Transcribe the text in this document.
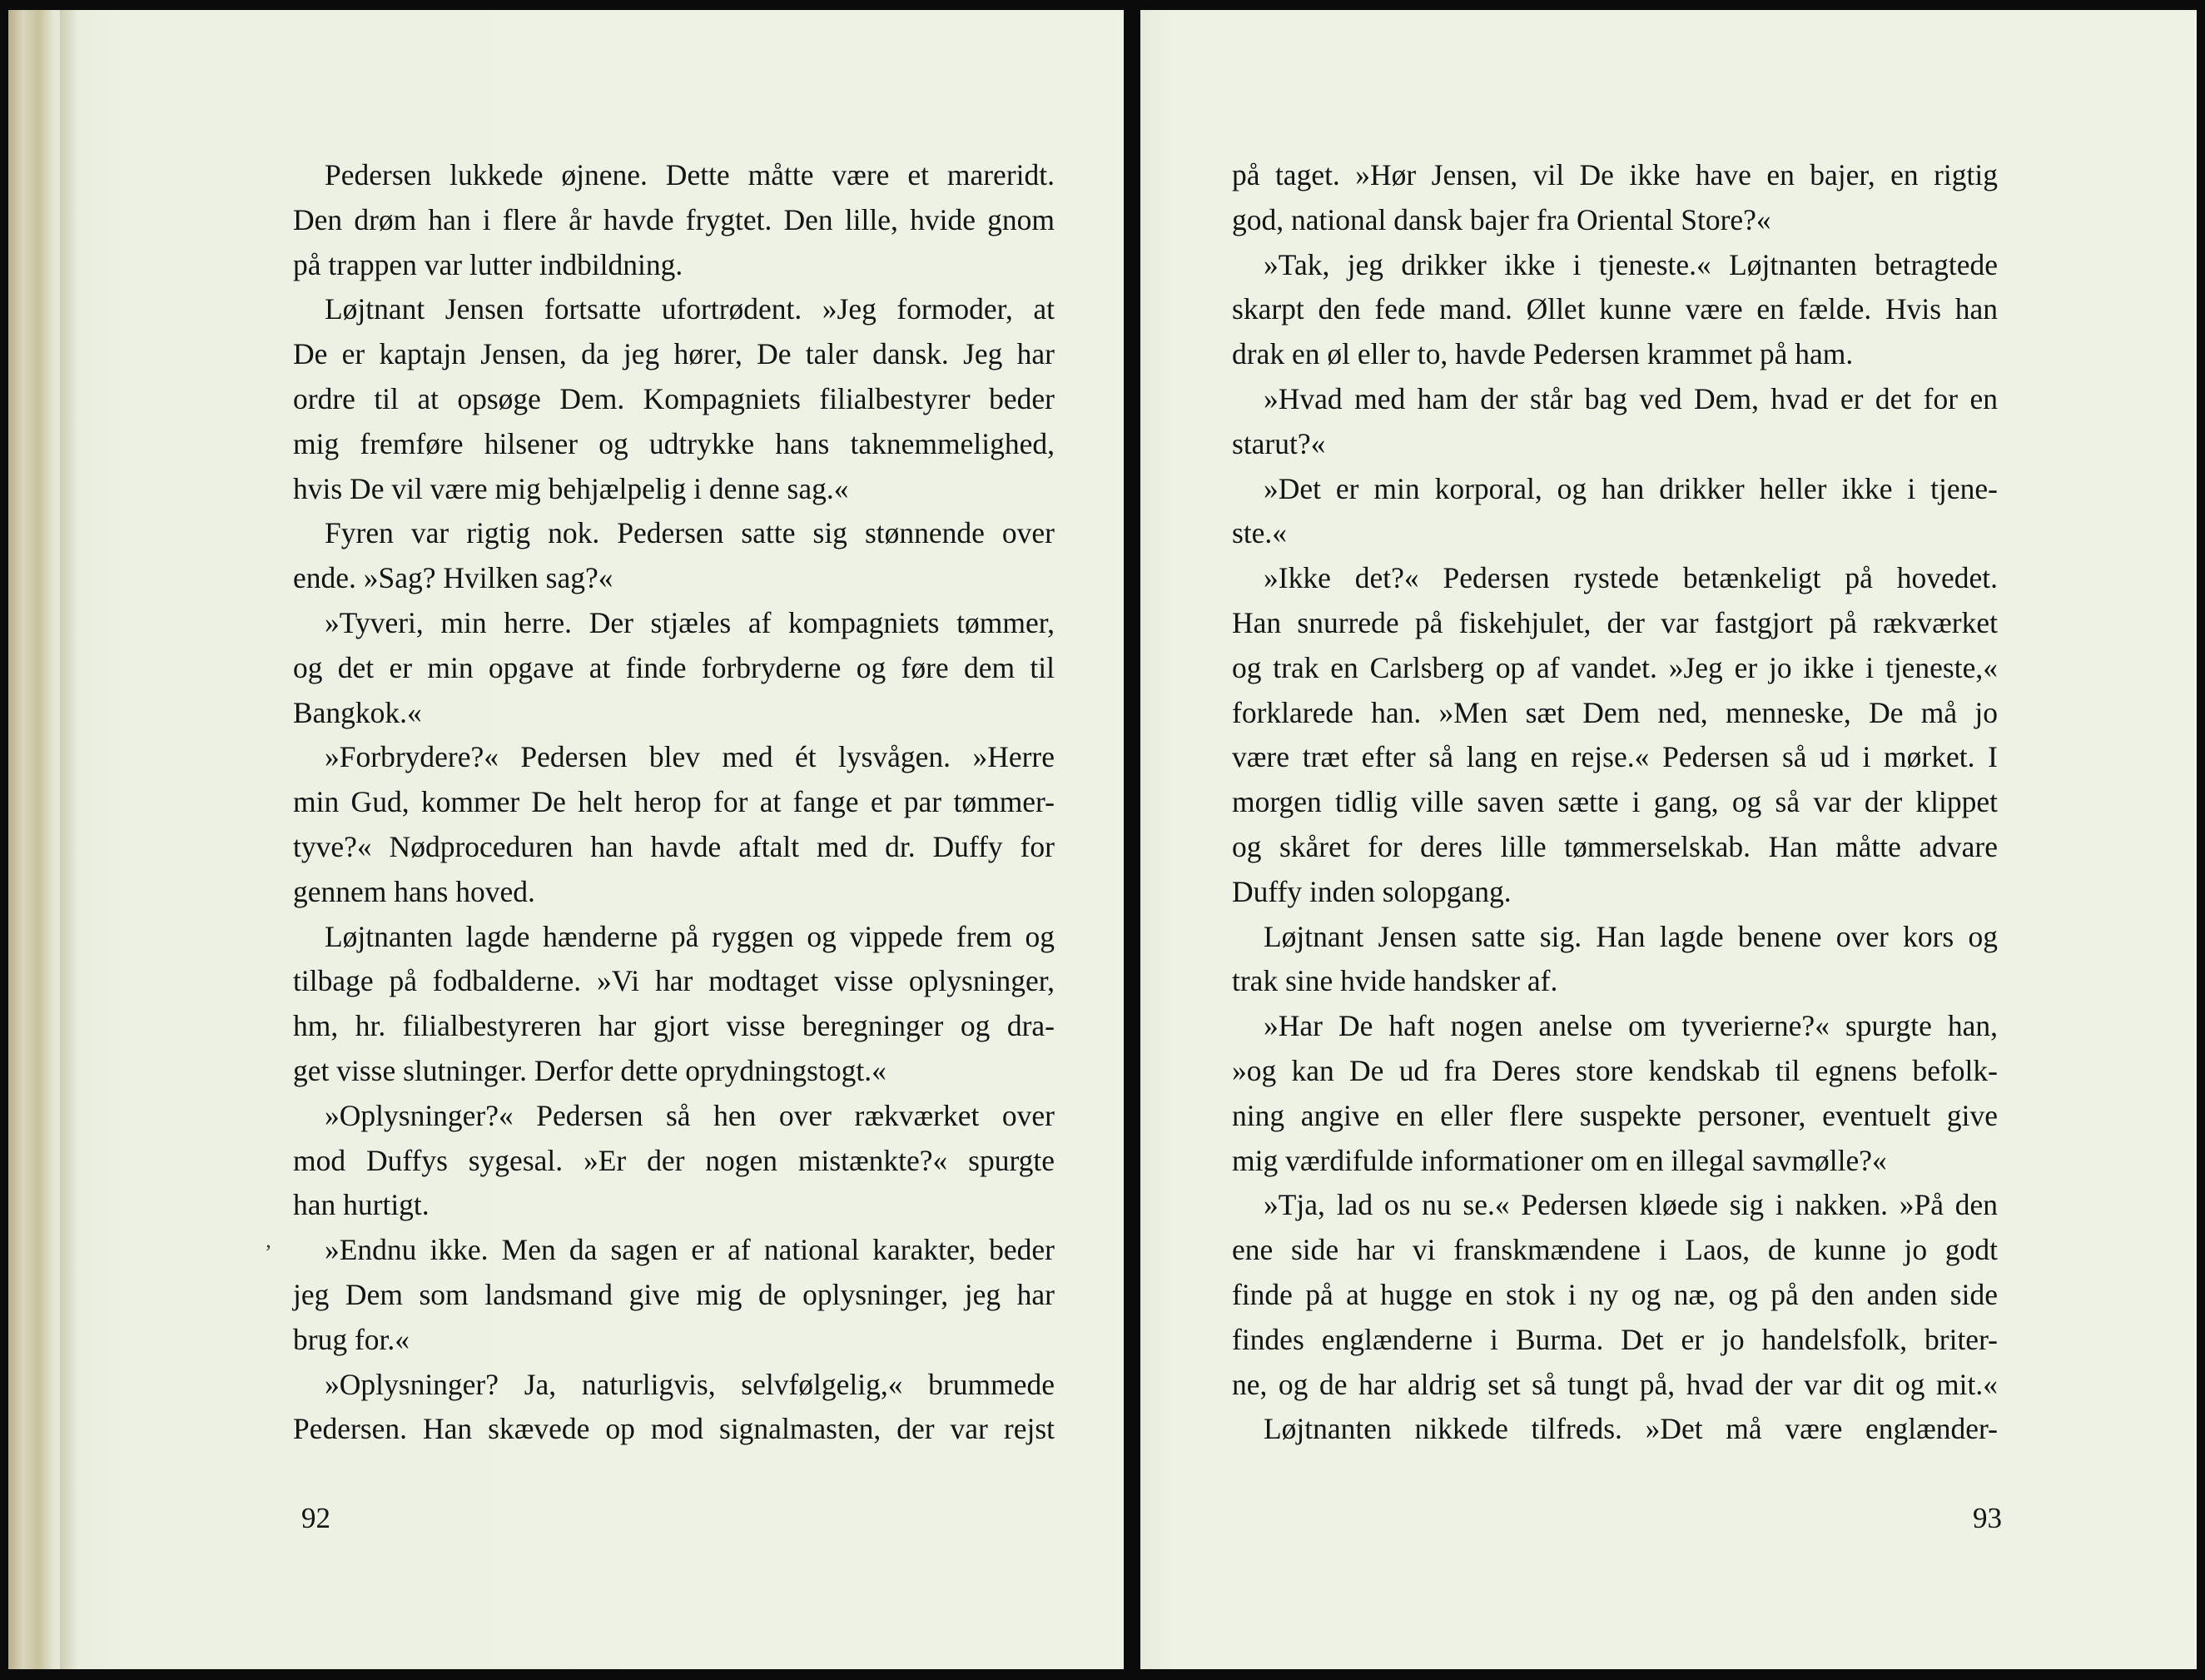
Pedersen lukkede øjnene. Dette måtte være et mareridt.
Den drøm han i flere år havde frygtet. Den lille, hvide gnom
på trappen var lutter indbildning.
Løjtnant Jensen fortsatte ufortrødent. »Jeg formoder, at
De er kaptajn Jensen, da jeg hører, De taler dansk. Jeg har
ordre til at opsøge Dem. Kompagniets filialbestyrer beder
mig fremføre hilsener og udtrykke hans taknemmelighed,
hvis De vil være mig behjælpelig i denne sag.«
Fyren var rigtig nok. Pedersen satte sig stønnende over
ende. »Sag? Hvilken sag?«
»Tyveri, min herre. Der stjæles af kompagniets tømmer,
og det er min opgave at finde forbryderne og føre dem til
Bangkok.«
»Forbrydere?« Pedersen blev med ét lysvågen. »Herre
min Gud, kommer De helt herop for at fange et par tømmer-
tyve?« Nødproceduren han havde aftalt med dr. Duffy for
gennem hans hoved.
Løjtnanten lagde hænderne på ryggen og vippede frem og
tilbage på fodbalderne. »Vi har modtaget visse oplysninger,
hm, hr. filialbestyreren har gjort visse beregninger og dra-
get visse slutninger. Derfor dette oprydningstogt.«
»Oplysninger?« Pedersen så hen over rækværket over
mod Duffys sygesal. »Er der nogen mistænkte?« spurgte
han hurtigt.
»Endnu ikke. Men da sagen er af national karakter, beder
jeg Dem som landsmand give mig de oplysninger, jeg har
brug for.«
»Oplysninger? Ja, naturligvis, selvfølgelig,« brummede
Pedersen. Han skævede op mod signalmasten, der var rejst
92
ʼ
på taget. »Hør Jensen, vil De ikke have en bajer, en rigtig
god, national dansk bajer fra Oriental Store?«
»Tak, jeg drikker ikke i tjeneste.« Løjtnanten betragtede
skarpt den fede mand. Øllet kunne være en fælde. Hvis han
drak en øl eller to, havde Pedersen krammet på ham.
»Hvad med ham der står bag ved Dem, hvad er det for en
starut?«
»Det er min korporal, og han drikker heller ikke i tjene-
ste.«
»Ikke det?« Pedersen rystede betænkeligt på hovedet.
Han snurrede på fiskehjulet, der var fastgjort på rækværket
og trak en Carlsberg op af vandet. »Jeg er jo ikke i tjeneste,«
forklarede han. »Men sæt Dem ned, menneske, De må jo
være træt efter så lang en rejse.« Pedersen så ud i mørket. I
morgen tidlig ville saven sætte i gang, og så var der klippet
og skåret for deres lille tømmerselskab. Han måtte advare
Duffy inden solopgang.
Løjtnant Jensen satte sig. Han lagde benene over kors og
trak sine hvide handsker af.
»Har De haft nogen anelse om tyverierne?« spurgte han,
»og kan De ud fra Deres store kendskab til egnens befolk-
ning angive en eller flere suspekte personer, eventuelt give
mig værdifulde informationer om en illegal savmølle?«
»Tja, lad os nu se.« Pedersen kløede sig i nakken. »På den
ene side har vi franskmændene i Laos, de kunne jo godt
finde på at hugge en stok i ny og næ, og på den anden side
findes englænderne i Burma. Det er jo handelsfolk, briter-
ne, og de har aldrig set så tungt på, hvad der var dit og mit.«
Løjtnanten nikkede tilfreds. »Det må være englænder-
93
